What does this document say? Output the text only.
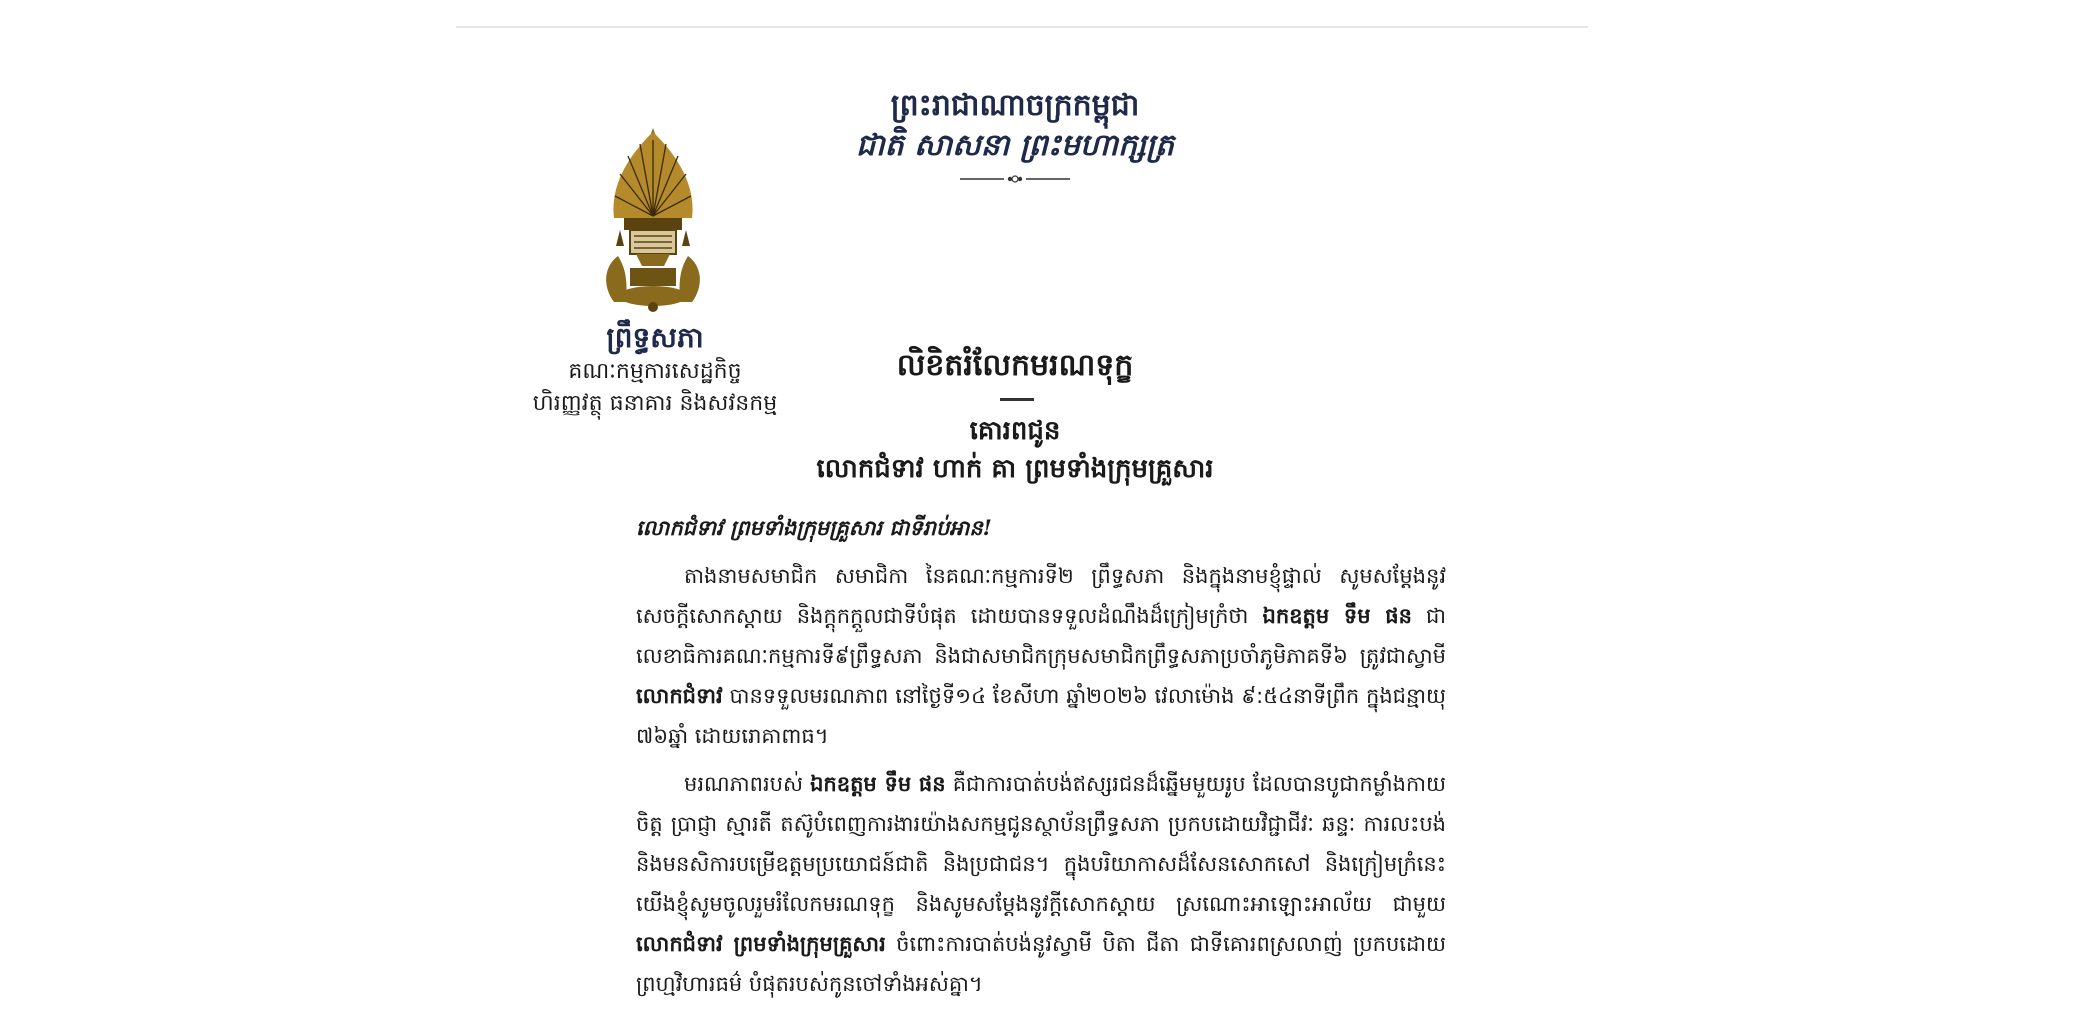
ព្រះរាជាណាចក្រកម្ពុជា
ជាតិ សាសនា ព្រះមហាក្សត្រ
ព្រឹទ្ធសភា
គណៈកម្មការសេដ្ឋកិច្ច
ហិរញ្ញវត្ថុ ធនាគារ និងសវនកម្ម
លិខិតរំលែកមរណទុក្ខ
គោរពជូន
លោកជំទាវ ហាក់ គា ព្រមទាំងក្រុមគ្រួសារ

លោកជំទាវ ព្រមទាំងក្រុមគ្រួសារ ជាទីរាប់អាន!

តាងនាមសមាជិក សមាជិកា នៃគណៈកម្មការទី២ ព្រឹទ្ធសភា និងក្នុងនាមខ្ញុំផ្ទាល់ សូមសម្តែងនូវសេចក្តីសោកស្តាយ និងក្តុកក្តួលជាទីបំផុត ដោយបានទទួលដំណឹងដ៏ក្រៀមក្រំថា ឯកឧត្តម ទឹម ផន ជាលេខាធិការគណៈកម្មការទី៩ព្រឹទ្ធសភា និងជាសមាជិកក្រុមសមាជិកព្រឹទ្ធសភាប្រចាំភូមិភាគទី៦ ត្រូវជាស្វាមី លោកជំទាវ បានទទួលមរណភាព នៅថ្ងៃទី១៤ ខែសីហា ឆ្នាំ២០២៦ វេលាម៉ោង ៩:៥៤នាទីព្រឹក ក្នុងជន្មាយុ ៧៦ឆ្នាំ ដោយរោគាពាធ។

មរណភាពរបស់ ឯកឧត្តម ទឹម ផន គឺជាការបាត់បង់ឥស្សរជនដ៏ឆ្នើមមួយរូប ដែលបានបូជាកម្លាំងកាយចិត្ត ប្រាជ្ញា ស្មារតី តស៊ូបំពេញការងារយ៉ាងសកម្មជូនស្ថាប័នព្រឹទ្ធសភា ប្រកបដោយវិជ្ជាជីវៈ ឆន្ទៈ ការលះបង់ និងមនសិការបម្រើឧត្តមប្រយោជន៍ជាតិ និងប្រជាជន។ ក្នុងបរិយាកាសដ៏សែនសោកសៅ និងក្រៀមក្រំនេះ យើងខ្ញុំសូមចូលរួមរំលែកមរណទុក្ខ និងសូមសម្តែងនូវក្តីសោកស្តាយ ស្រណោះអាឡោះអាល័យ ជាមួយ លោកជំទាវ ព្រមទាំងក្រុមគ្រួសារ ចំពោះការបាត់បង់នូវស្វាមី បិតា ជីតា ជាទីគោរពស្រលាញ់ ប្រកបដោយព្រហ្មវិហារធម៌ បំផុតរបស់កូនចៅទាំងអស់គ្នា។
